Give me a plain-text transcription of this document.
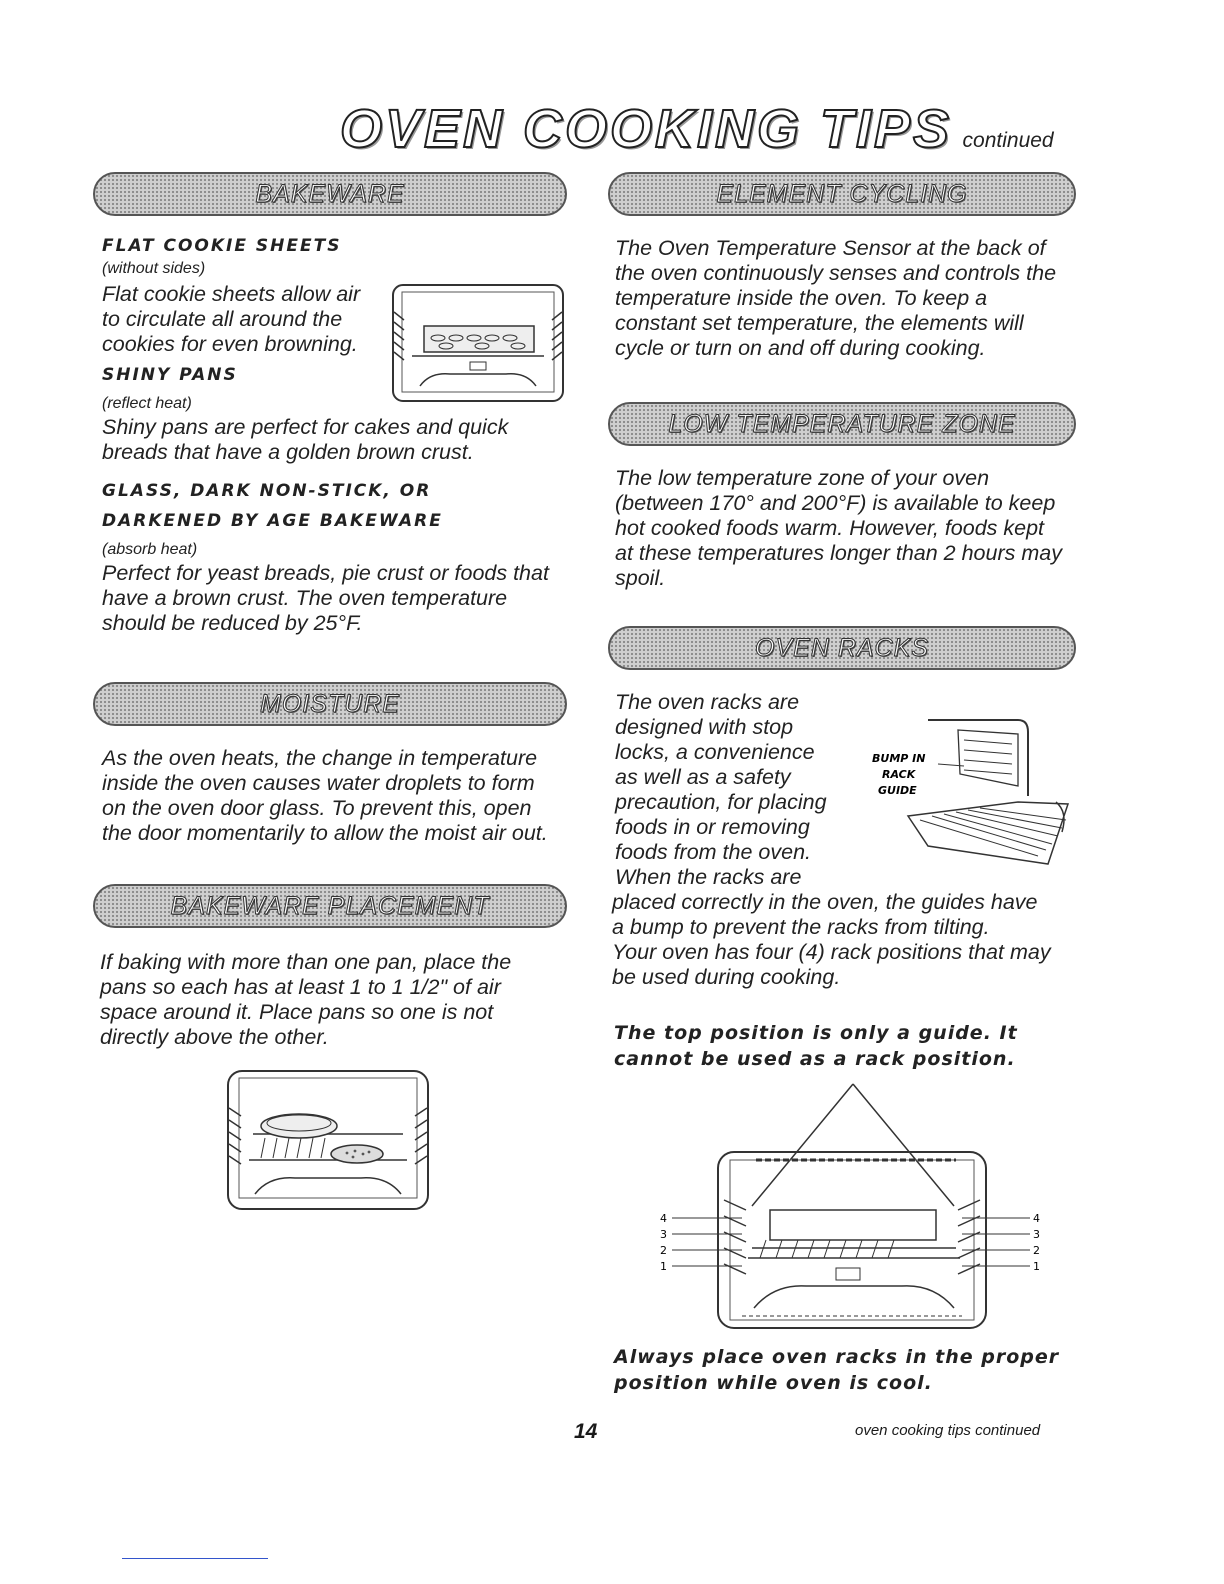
OVEN COOKING TIPS continued
BAKEWARE
FLAT COOKIE SHEETS
(without sides)
Flat cookie sheets allow air
to circulate all around the
cookies for even browning.
SHINY PANS
(reflect heat)
Shiny pans are perfect for cakes and quick
breads that have a golden brown crust.
GLASS, DARK NON-STICK, OR
DARKENED BY AGE BAKEWARE
(absorb heat)
Perfect for yeast breads, pie crust or foods that
have a brown crust. The oven temperature
should be reduced by 25°F.
MOISTURE
As the oven heats, the change in temperature
inside the oven causes water droplets to form
on the oven door glass. To prevent this, open
the door momentarily to allow the moist air out.
BAKEWARE PLACEMENT
If baking with more than one pan, place the
pans so each has at least 1 to 1 1/2" of air
space around it. Place pans so one is not
directly above the other.
ELEMENT CYCLING
The Oven Temperature Sensor at the back of
the oven continuously senses and controls the
temperature inside the oven. To keep a
constant set temperature, the elements will
cycle or turn on and off during cooking.
LOW TEMPERATURE ZONE
The low temperature zone of your oven
(between 170° and 200°F) is available to keep
hot cooked foods warm. However, foods kept
at these temperatures longer than 2 hours may
spoil.
OVEN RACKS
The oven racks are
designed with stop
locks, a convenience
as well as a safety
precaution, for placing
foods in or removing
foods from the oven.
When the racks are
placed correctly in the oven, the guides have
a bump to prevent the racks from tilting.
Your oven has four (4) rack positions that may
be used during cooking.
BUMP IN
RACK
GUIDE
The top position is only a guide. It
cannot be used as a rack position.
4
3
2
1
4
3
2
1
Always place oven racks in the proper
position while oven is cool.
14	oven cooking tips continued
